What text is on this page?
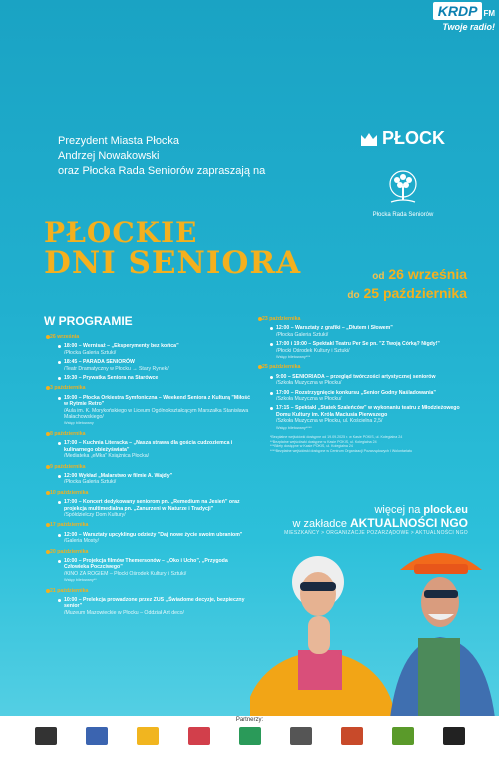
KRDP FM
Twoje radio!
Prezydent Miasta Płocka
Andrzej Nowakowski
oraz Płocka Rada Seniorów zapraszają na
PŁOCK
Płocka Rada Seniorów
PŁOCKIE
DNI SENIORA	od 26 września
do 25 października
W PROGRAMIE
26 września
18:00 – Wernisaż – „Eksperymenty bez końca”
/Płocka Galeria Sztuki/
18:45 – PARADA SENIORÓW
/Teatr Dramatyczny w Płocku → Stary Rynek/
19:30 – Prywatka Seniora na Starówce
3 października
19:00 – Płocka Orkiestra Symfoniczna – Weekend Seniora z Kulturą "Miłość w Rytmie Retro"
/Aula im. K. Morykońskiego w Liceum Ogólnokształcącym Marszałka Stanisława Małachowskiego/
Wstęp biletowany
8 października
17:00 – Kuchnia Literacka – „Nasza strawa dla gościa cudzoziemca i kulinarnego obieżyświata”
/Mediateka „eMka” Książnica Płocka/
9 października
12:00 Wykład „Malarstwo w filmie A. Wajdy”
/Płocka Galeria Sztuki/
10 października
17:00 – Koncert dedykowany seniorom pn. „Remedium na Jesień” oraz projekcja multimedialna pn. „Zanurzeni w Naturze i Tradycji”
/Spółdzielczy Dom Kultury/
17 października
12:00 – Warsztaty upcyklingu odzieży "Daj nowe życie swoim ubraniom"
/Galeria Mosty/
20 października
10:00 – Projekcja filmów Themersonów – „Oko i Ucho”, „Przygoda Człowieka Poczciwego”
/KINO ZA ROGIEM – Płocki Ośrodek Kultury i Sztuki/
Wstęp biletowany**
21 października
10:00 – Prelekcja prowadzone przez ZUS „Świadome decyzje, bezpieczny senior”
/Muzeum Mazowieckie w Płocku – Oddział Art deco/
23 października
12:00 – Warsztaty z grafiki – „Dłutem i Słowem”
/Płocka Galeria Sztuki/
17:00 i 19:00 – Spektakl Teatru Per Se pn. "Z Twoją Córką? Nigdy!"
/Płocki Ośrodek Kultury i Sztuki/
Wstęp biletowany***
25 października
9:00 – SENIORIADA – przegląd twórczości artystycznej seniorów
/Szkoła Muzyczna w Płocku/
17:00 – Rozstrzygnięcie konkursu „Senior Godny Naśladowania”
/Szkoła Muzyczna w Płocku/
17:15 – Spektakl „Statek Szaleńców” w wykonaniu teatru z Młodzieżowego Domu Kultury im. Króla Maciusia Pierwszego
/Szkoła Muzyczna w Płocku, ul. Kościelna 2,5/
Wstęp biletowany****
*Bezpłatne wejściówki dostępne od 19.09.2025 r. w Kasie POKIS, ul. Kolegialna 24
**Bezpłatne wejściówki dostępne w Kasie POKIS, ul. Kolegialna 24
***Bilety dostępne w Kasie POKIS, ul. Kolegialna 24
****Bezpłatne wejściówki dostępne w Centrum Organizacji Pozarządowych i Wolontariatu
więcej na plock.eu
w zakładce AKTUALNOŚCI NGO
MIESZKAŃCY > ORGANIZACJE POZARZĄDOWE > AKTUALNOŚCI NGO
Partnerzy:
